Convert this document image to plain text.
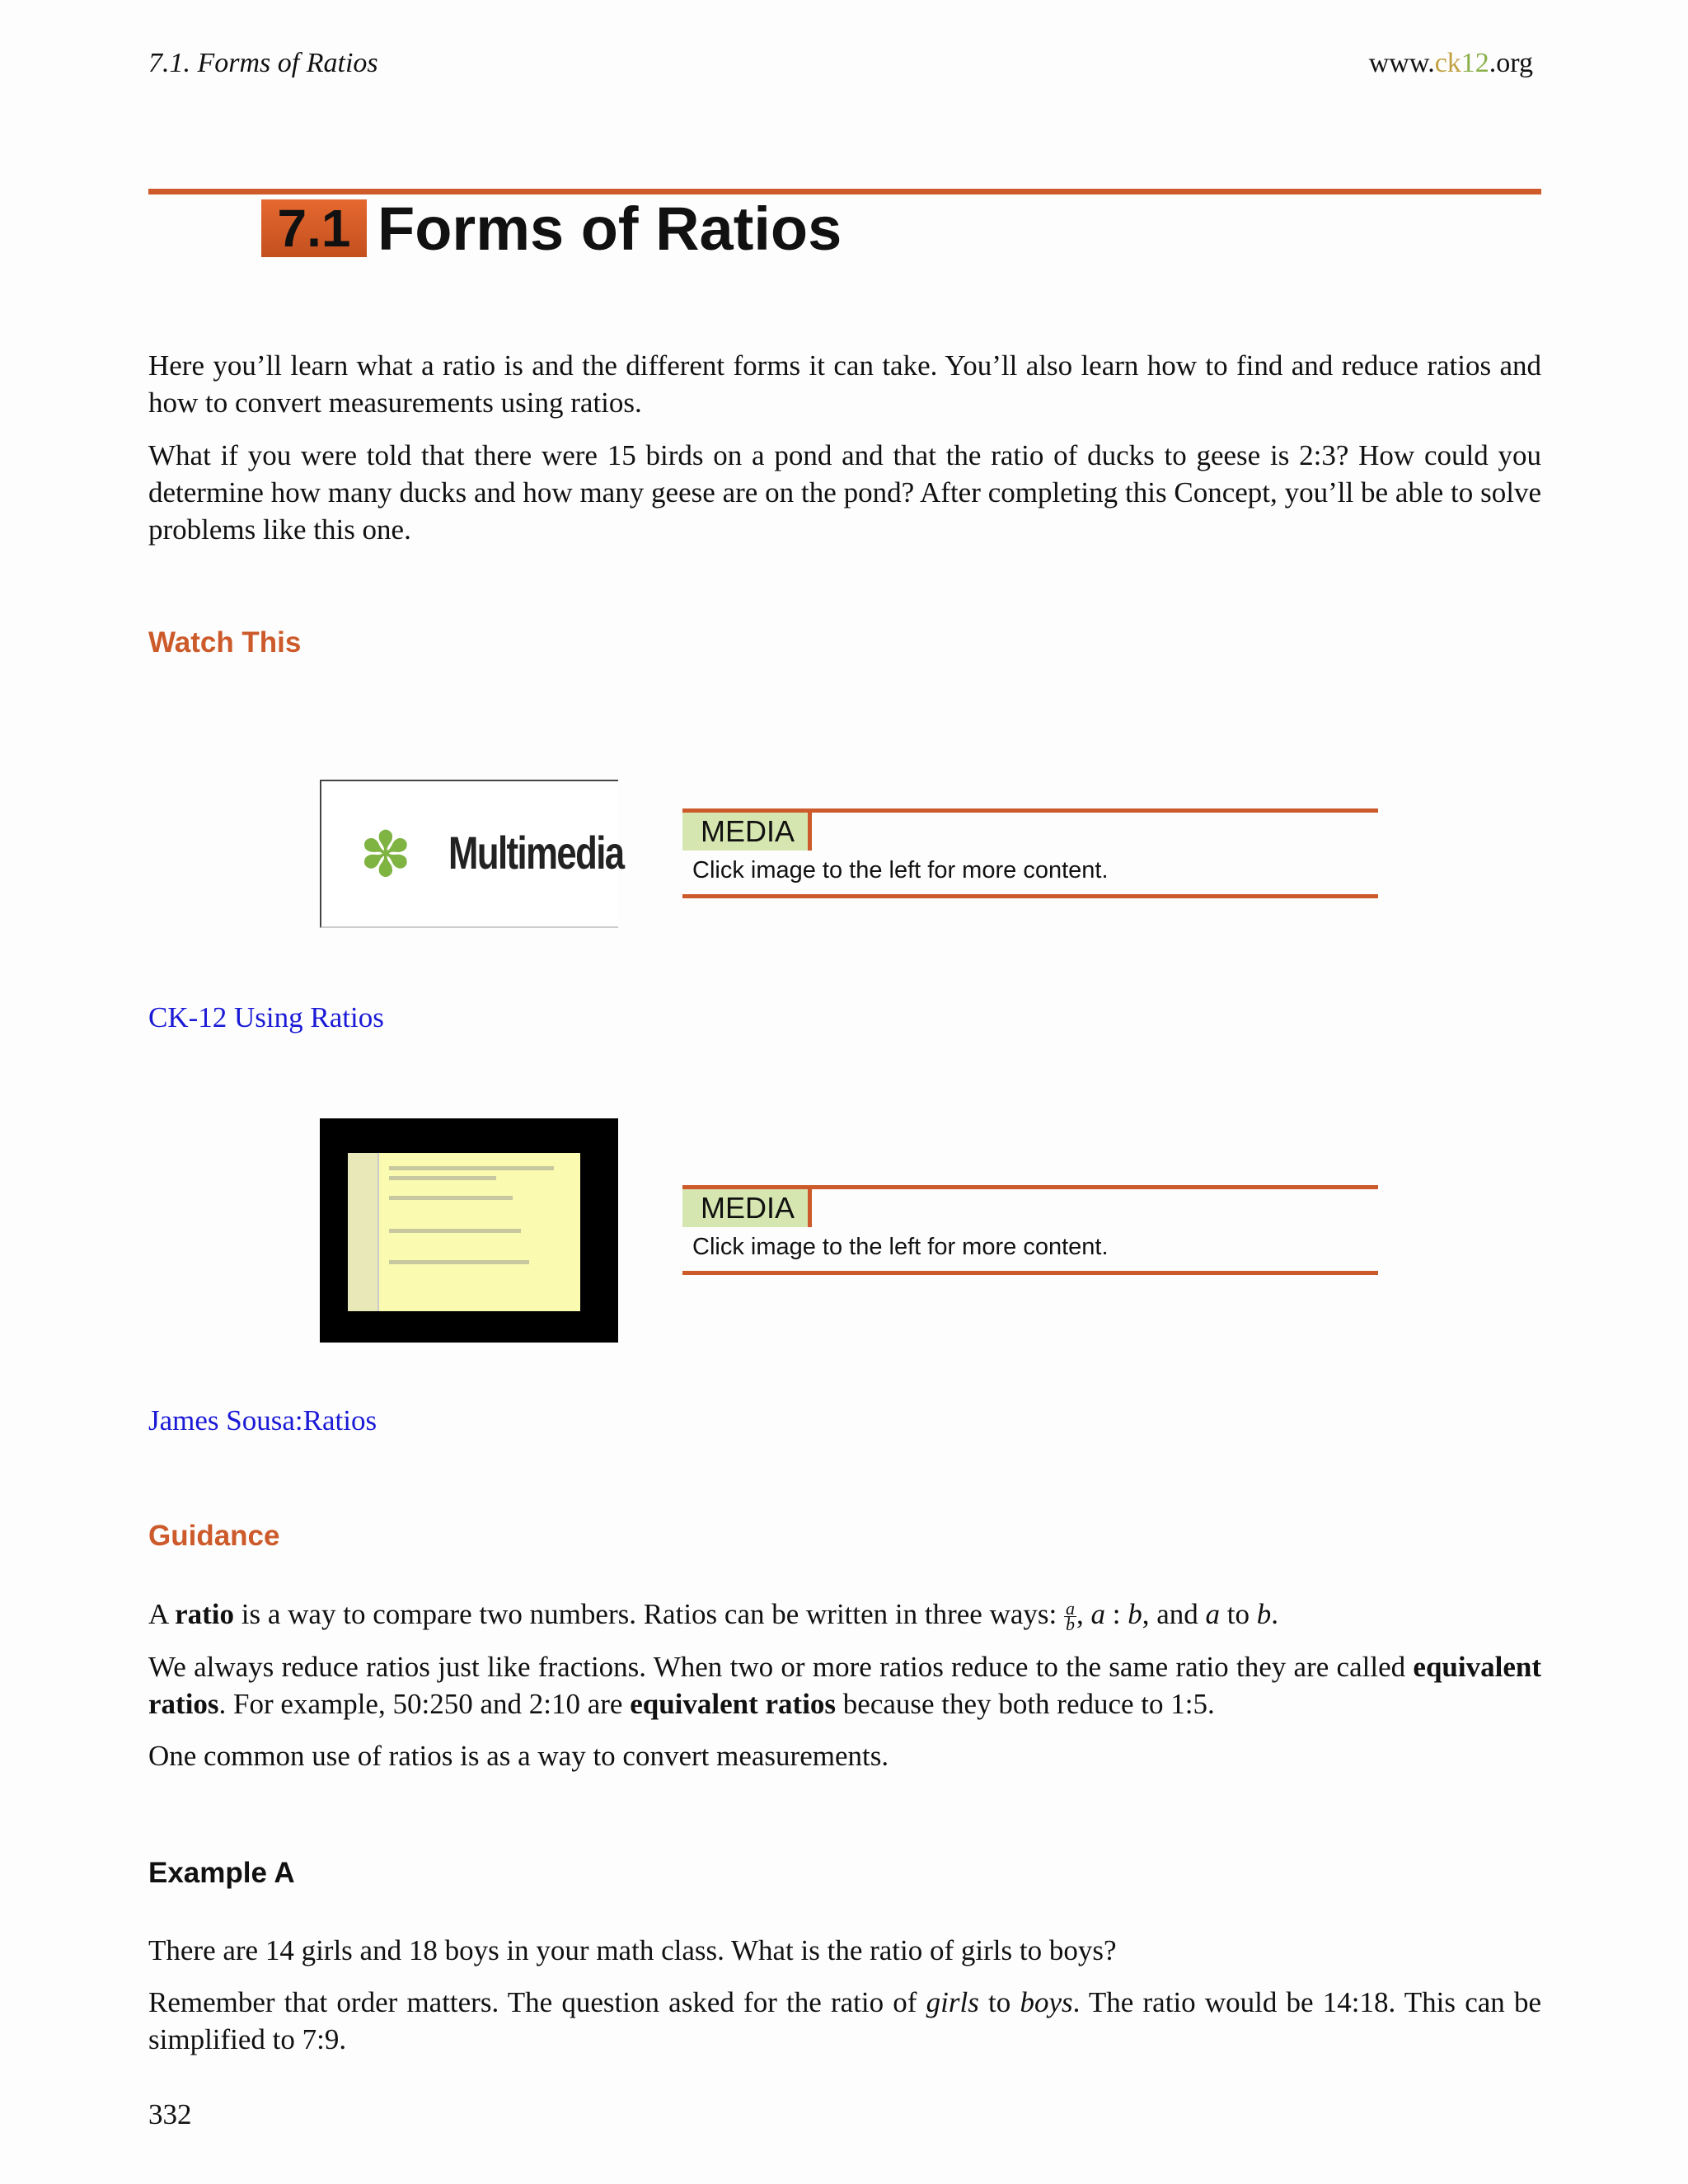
7.1. Forms of Ratios	www.ck12.org
7.1 Forms of Ratios

Here you’ll learn what a ratio is and the different forms it can take. You’ll also learn how to find and reduce ratios and how to convert measurements using ratios.

What if you were told that there were 15 birds on a pond and that the ratio of ducks to geese is 2:3? How could you determine how many ducks and how many geese are on the pond? After completing this Concept, you’ll be able to solve problems like this one.

Watch This
✽ Multimedia	MEDIA
Click image to the left for more content.
CK-12 Using Ratios
MEDIA
Click image to the left for more content.
James Sousa:Ratios
Guidance

A ratio is a way to compare two numbers. Ratios can be written in three ways: $\frac{a}{b}$ , a : b, and a to b.

We always reduce ratios just like fractions. When two or more ratios reduce to the same ratio they are called equivalent ratios. For example, 50:250 and 2:10 are equivalent ratios because they both reduce to 1:5.

One common use of ratios is as a way to convert measurements.

Example A

There are 14 girls and 18 boys in your math class. What is the ratio of girls to boys?

Remember that order matters. The question asked for the ratio of girls to boys. The ratio would be 14:18. This can be simplified to 7:9.

332
